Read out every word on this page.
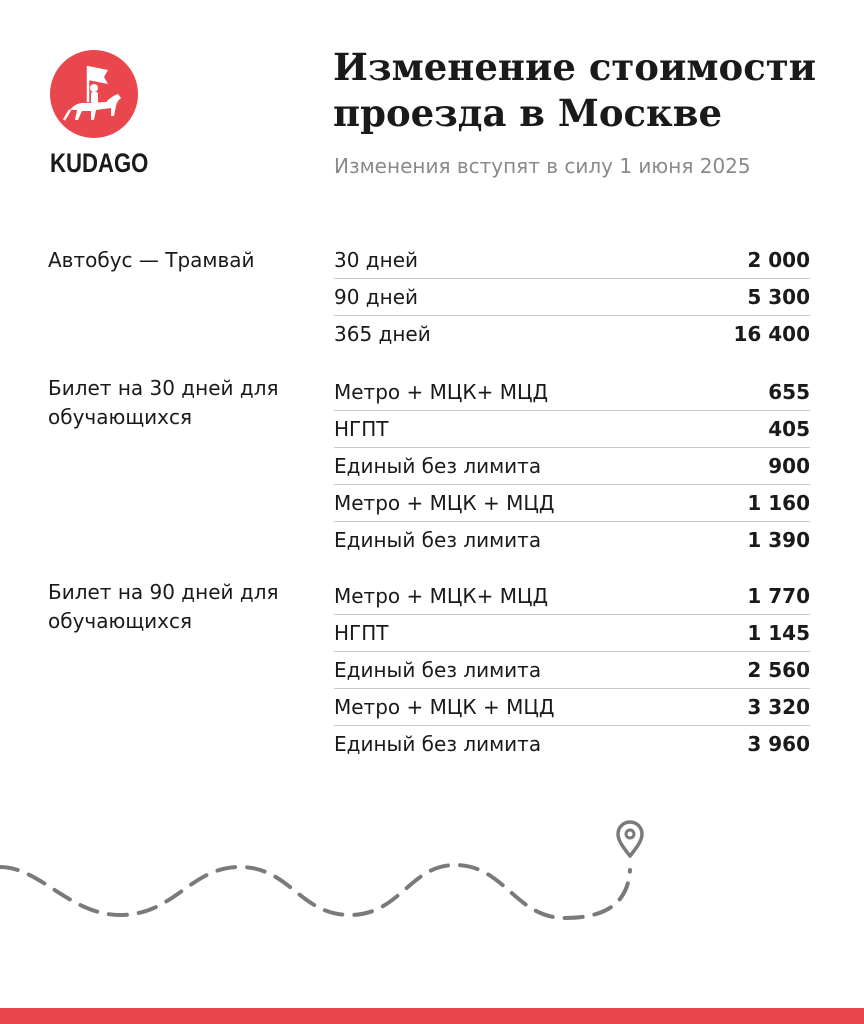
KUDAGO
Изменение стоимости проезда в Москве
Изменения вступят в силу 1 июня 2025
Автобус — Трамвай	30 дней	2 000
90 дней	5 300
365 дней	16 400
Билет на 30 дней для обучающихся
Метро + МЦК+ МЦД	655
НГПТ	405
Единый без лимита	900
Метро + МЦК + МЦД	1 160
Единый без лимита	1 390
Билет на 90 дней для обучающихся
Метро + МЦК+ МЦД	1 770
НГПТ	1 145
Единый без лимита	2 560
Метро + МЦК + МЦД	3 320
Единый без лимита	3 960
